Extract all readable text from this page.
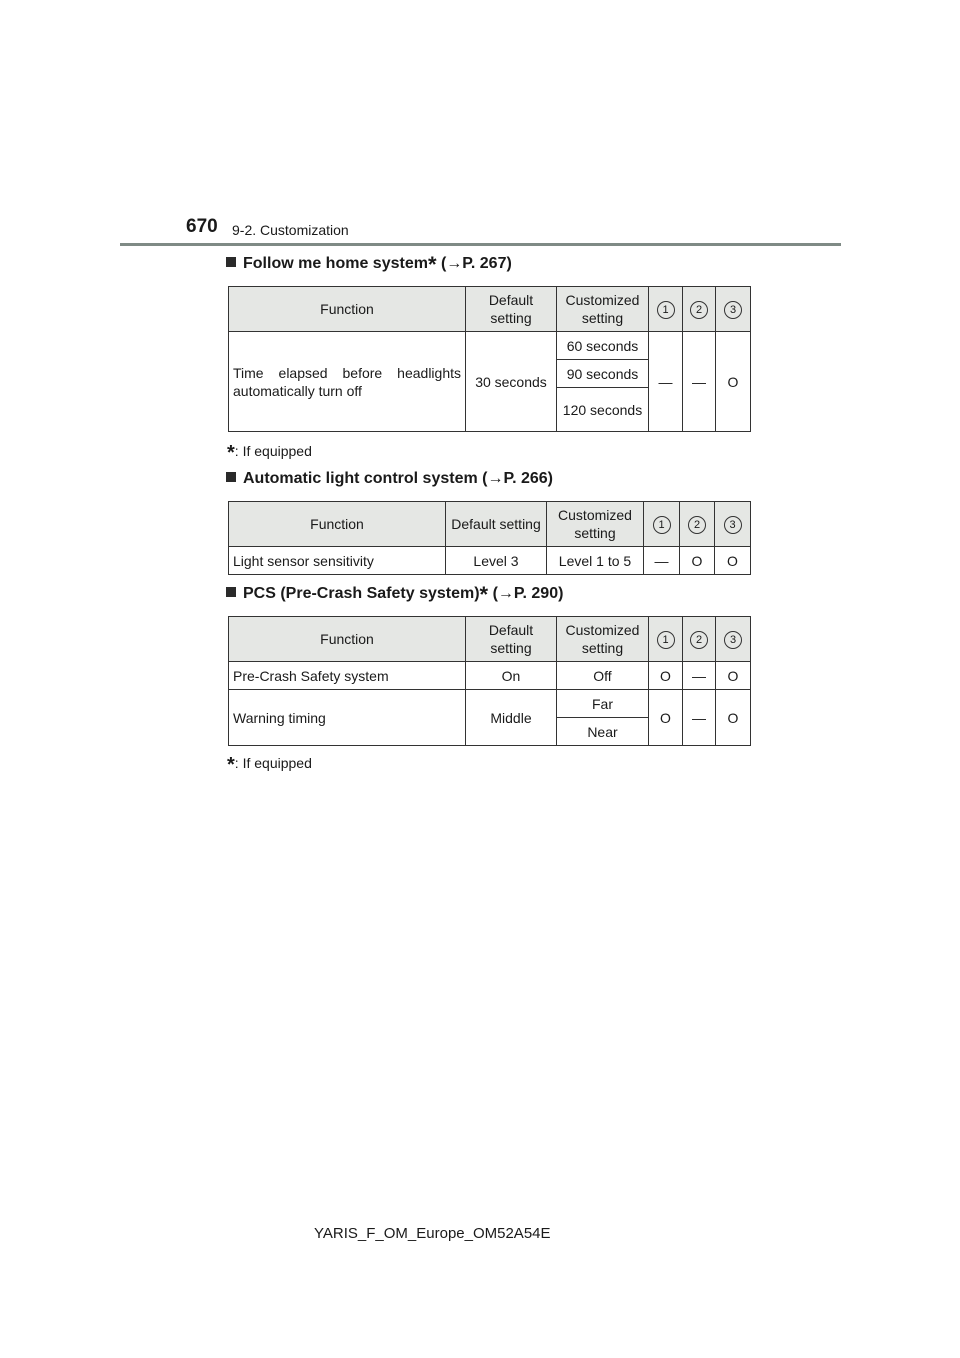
670 9-2. Customization
Follow me home system* (→P. 267)
Function	Default setting	Customized setting	1	2	3
Time elapsed before headlights automatically turn off	30 seconds	60 seconds	—	—	O
		90 seconds			
		120 seconds			
*: If equipped
Automatic light control system (→P. 266)
Function	Default setting	Customized setting	1	2	3
Light sensor sensitivity	Level 3	Level 1 to 5	—	O	O
PCS (Pre-Crash Safety system)* (→P. 290)
Function	Default setting	Customized setting	1	2	3
Pre-Crash Safety system	On	Off	O	—	O
Warning timing	Middle	Far	O	—	O
		Near			
*: If equipped
YARIS_F_OM_Europe_OM52A54E
